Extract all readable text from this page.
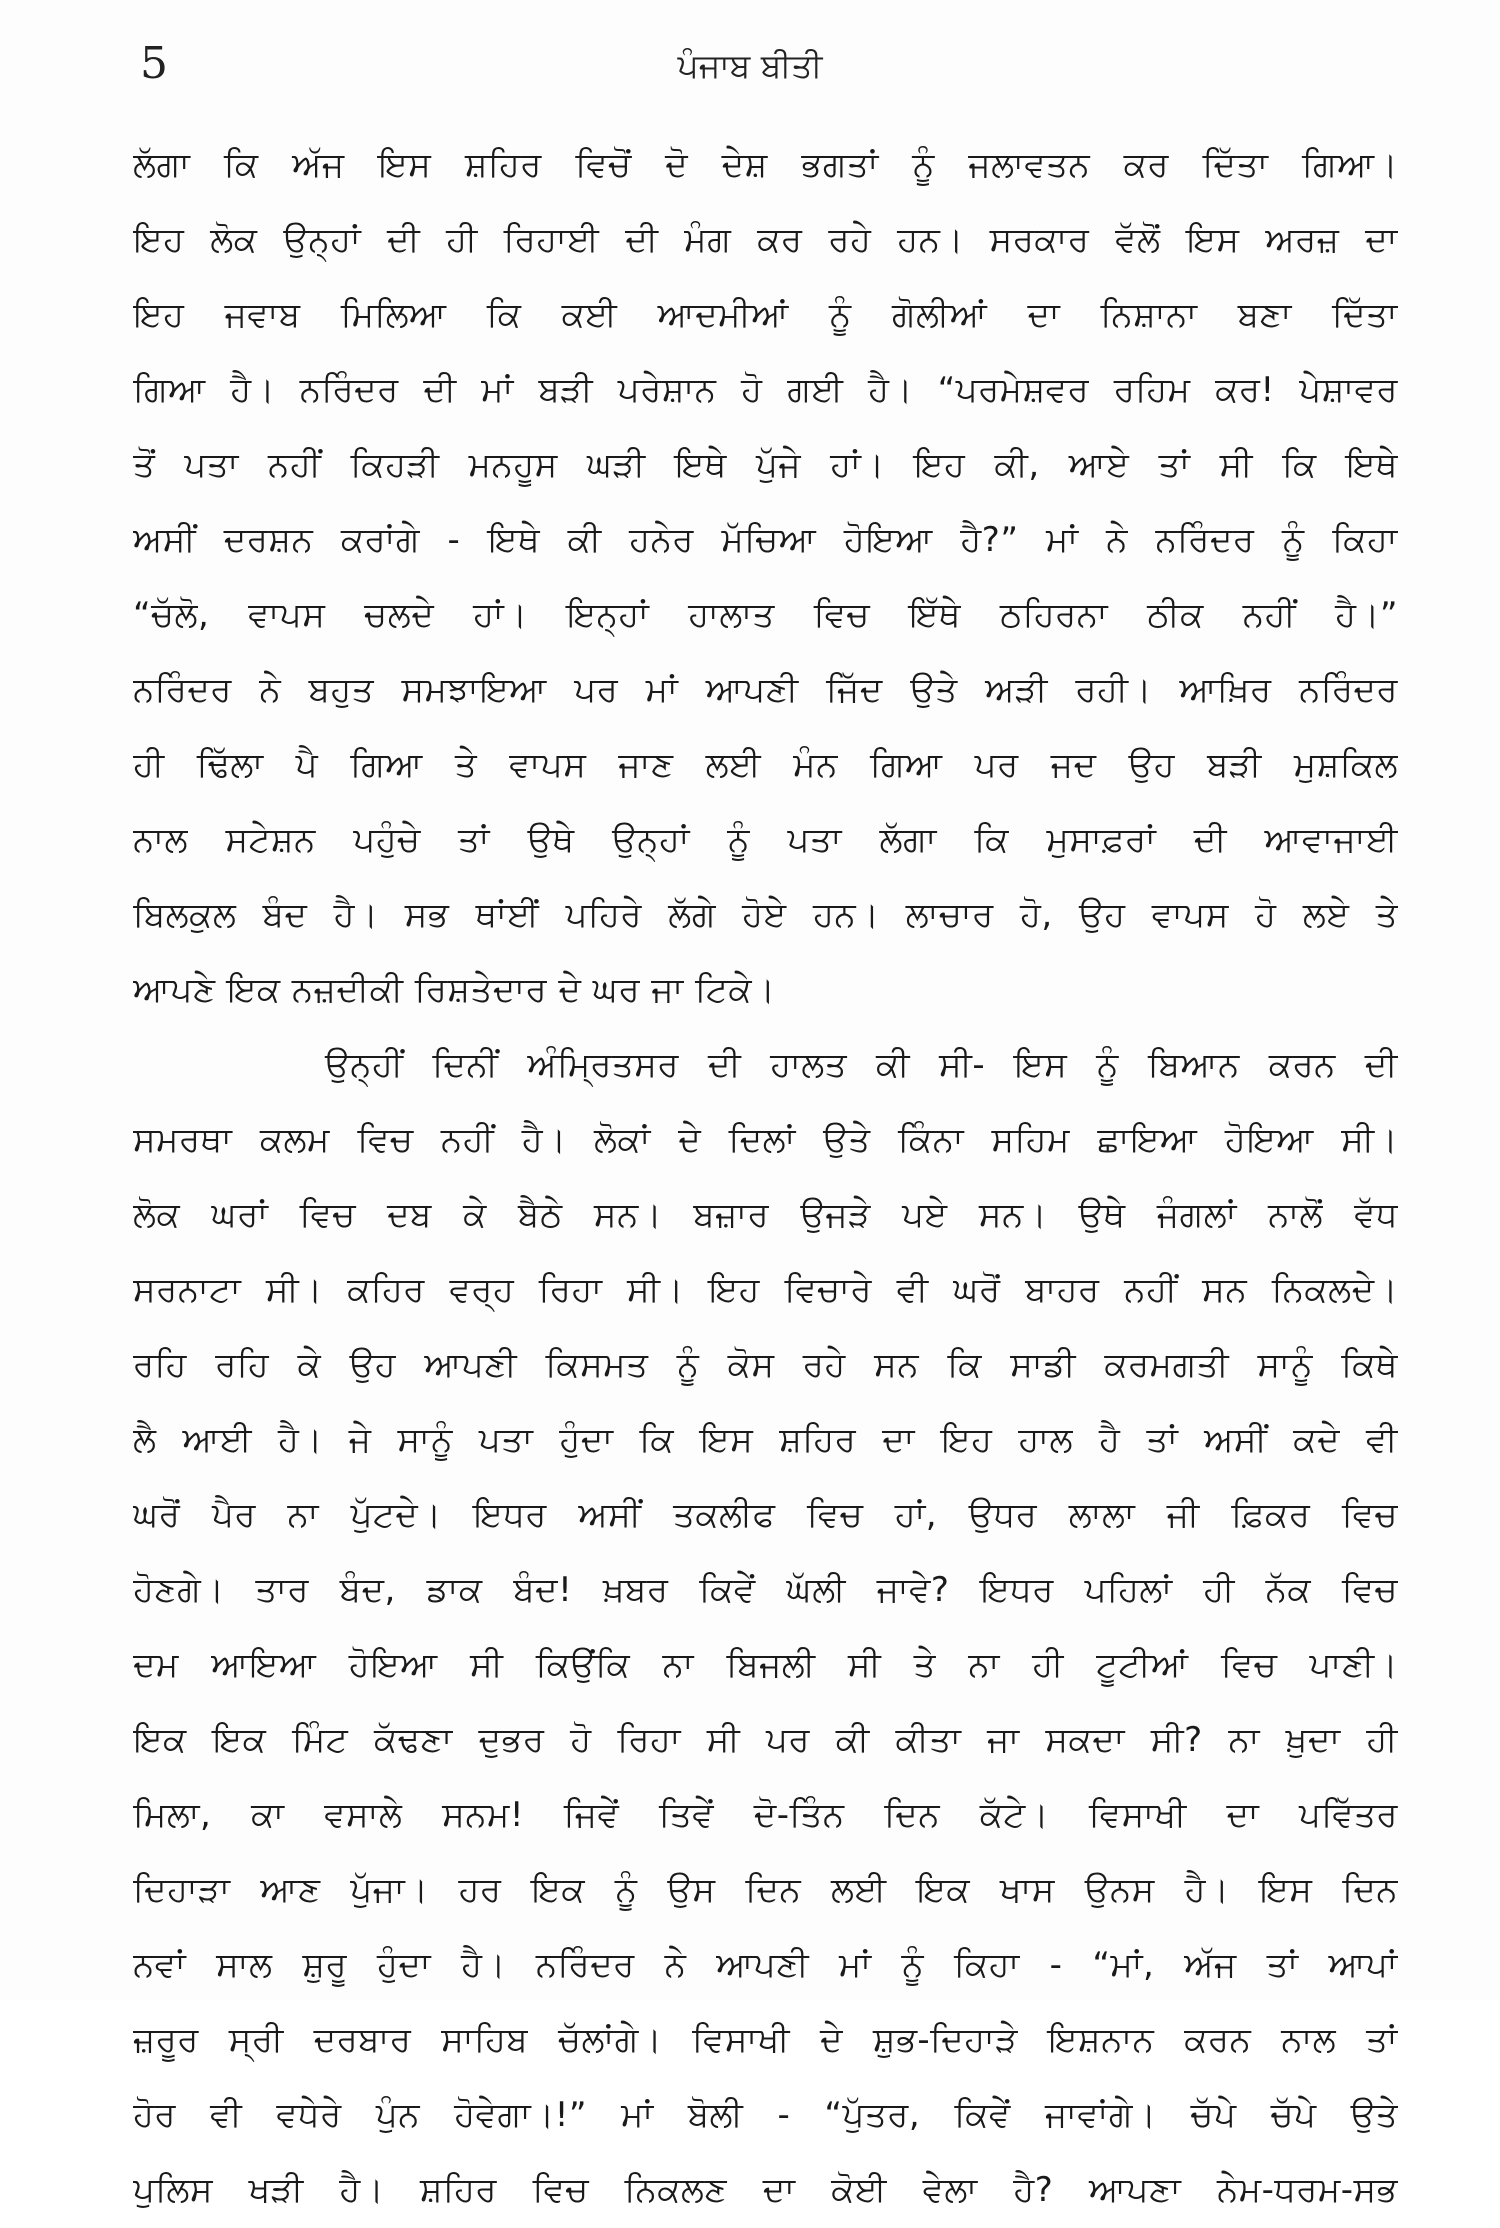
5	ਪੰਜਾਬ ਬੀਤੀ
ਲੱਗਾ ਕਿ ਅੱਜ ਇਸ ਸ਼ਹਿਰ ਵਿਚੋਂ ਦੋ ਦੇਸ਼ ਭਗਤਾਂ ਨੂੰ ਜਲਾਵਤਨ ਕਰ ਦਿੱਤਾ ਗਿਆ।
ਇਹ ਲੋਕ ਉਨ੍ਹਾਂ ਦੀ ਹੀ ਰਿਹਾਈ ਦੀ ਮੰਗ ਕਰ ਰਹੇ ਹਨ। ਸਰਕਾਰ ਵੱਲੋਂ ਇਸ ਅਰਜ਼ ਦਾ
ਇਹ ਜਵਾਬ ਮਿਲਿਆ ਕਿ ਕਈ ਆਦਮੀਆਂ ਨੂੰ ਗੋਲੀਆਂ ਦਾ ਨਿਸ਼ਾਨਾ ਬਣਾ ਦਿੱਤਾ
ਗਿਆ ਹੈ। ਨਰਿੰਦਰ ਦੀ ਮਾਂ ਬੜੀ ਪਰੇਸ਼ਾਨ ਹੋ ਗਈ ਹੈ। “ਪਰਮੇਸ਼ਵਰ ਰਹਿਮ ਕਰ! ਪੇਸ਼ਾਵਰ
ਤੋਂ ਪਤਾ ਨਹੀਂ ਕਿਹੜੀ ਮਨਹੂਸ ਘੜੀ ਇਥੇ ਪੁੱਜੇ ਹਾਂ। ਇਹ ਕੀ, ਆਏ ਤਾਂ ਸੀ ਕਿ ਇਥੇ
ਅਸੀਂ ਦਰਸ਼ਨ ਕਰਾਂਗੇ - ਇਥੇ ਕੀ ਹਨੇਰ ਮੱਚਿਆ ਹੋਇਆ ਹੈ?” ਮਾਂ ਨੇ ਨਰਿੰਦਰ ਨੂੰ ਕਿਹਾ
“ਚੱਲੋ, ਵਾਪਸ ਚਲਦੇ ਹਾਂ। ਇਨ੍ਹਾਂ ਹਾਲਾਤ ਵਿਚ ਇੱਥੇ ਠਹਿਰਨਾ ਠੀਕ ਨਹੀਂ ਹੈ।”
ਨਰਿੰਦਰ ਨੇ ਬਹੁਤ ਸਮਝਾਇਆ ਪਰ ਮਾਂ ਆਪਣੀ ਜਿੱਦ ਉਤੇ ਅੜੀ ਰਹੀ। ਆਖ਼ਿਰ ਨਰਿੰਦਰ
ਹੀ ਢਿੱਲਾ ਪੈ ਗਿਆ ਤੇ ਵਾਪਸ ਜਾਣ ਲਈ ਮੰਨ ਗਿਆ ਪਰ ਜਦ ਉਹ ਬੜੀ ਮੁਸ਼ਕਿਲ
ਨਾਲ ਸਟੇਸ਼ਨ ਪਹੁੰਚੇ ਤਾਂ ਉਥੇ ਉਨ੍ਹਾਂ ਨੂੰ ਪਤਾ ਲੱਗਾ ਕਿ ਮੁਸਾਫ਼ਰਾਂ ਦੀ ਆਵਾਜਾਈ
ਬਿਲਕੁਲ ਬੰਦ ਹੈ। ਸਭ ਥਾਂਈਂ ਪਹਿਰੇ ਲੱਗੇ ਹੋਏ ਹਨ। ਲਾਚਾਰ ਹੋ, ਉਹ ਵਾਪਸ ਹੋ ਲਏ ਤੇ
ਆਪਣੇ ਇਕ ਨਜ਼ਦੀਕੀ ਰਿਸ਼ਤੇਦਾਰ ਦੇ ਘਰ ਜਾ ਟਿਕੇ।
ਉਨ੍ਹੀਂ ਦਿਨੀਂ ਅੰਮ੍ਰਿਤਸਰ ਦੀ ਹਾਲਤ ਕੀ ਸੀ- ਇਸ ਨੂੰ ਬਿਆਨ ਕਰਨ ਦੀ
ਸਮਰਥਾ ਕਲਮ ਵਿਚ ਨਹੀਂ ਹੈ। ਲੋਕਾਂ ਦੇ ਦਿਲਾਂ ਉਤੇ ਕਿੰਨਾ ਸਹਿਮ ਛਾਇਆ ਹੋਇਆ ਸੀ।
ਲੋਕ ਘਰਾਂ ਵਿਚ ਦਬ ਕੇ ਬੈਠੇ ਸਨ। ਬਜ਼ਾਰ ਉਜੜੇ ਪਏ ਸਨ। ਉਥੇ ਜੰਗਲਾਂ ਨਾਲੋਂ ਵੱਧ
ਸਰਨਾਟਾ ਸੀ। ਕਹਿਰ ਵਰ੍ਹ ਰਿਹਾ ਸੀ। ਇਹ ਵਿਚਾਰੇ ਵੀ ਘਰੋਂ ਬਾਹਰ ਨਹੀਂ ਸਨ ਨਿਕਲਦੇ।
ਰਹਿ ਰਹਿ ਕੇ ਉਹ ਆਪਣੀ ਕਿਸਮਤ ਨੂੰ ਕੋਸ ਰਹੇ ਸਨ ਕਿ ਸਾਡੀ ਕਰਮਗਤੀ ਸਾਨੂੰ ਕਿਥੇ
ਲੈ ਆਈ ਹੈ। ਜੇ ਸਾਨੂੰ ਪਤਾ ਹੁੰਦਾ ਕਿ ਇਸ ਸ਼ਹਿਰ ਦਾ ਇਹ ਹਾਲ ਹੈ ਤਾਂ ਅਸੀਂ ਕਦੇ ਵੀ
ਘਰੋਂ ਪੈਰ ਨਾ ਪੁੱਟਦੇ। ਇਧਰ ਅਸੀਂ ਤਕਲੀਫ ਵਿਚ ਹਾਂ, ਉਧਰ ਲਾਲਾ ਜੀ ਫ਼ਿਕਰ ਵਿਚ
ਹੋਣਗੇ। ਤਾਰ ਬੰਦ, ਡਾਕ ਬੰਦ! ਖ਼ਬਰ ਕਿਵੇਂ ਘੱਲੀ ਜਾਵੇ? ਇਧਰ ਪਹਿਲਾਂ ਹੀ ਨੱਕ ਵਿਚ
ਦਮ ਆਇਆ ਹੋਇਆ ਸੀ ਕਿਉਂਕਿ ਨਾ ਬਿਜਲੀ ਸੀ ਤੇ ਨਾ ਹੀ ਟੂਟੀਆਂ ਵਿਚ ਪਾਣੀ।
ਇਕ ਇਕ ਮਿੰਟ ਕੱਢਣਾ ਦੁਭਰ ਹੋ ਰਿਹਾ ਸੀ ਪਰ ਕੀ ਕੀਤਾ ਜਾ ਸਕਦਾ ਸੀ? ਨਾ ਖ਼ੁਦਾ ਹੀ
ਮਿਲਾ, ਕਾ ਵਸਾਲੇ ਸਨਮ! ਜਿਵੇਂ ਤਿਵੇਂ ਦੋ-ਤਿੰਨ ਦਿਨ ਕੱਟੇ। ਵਿਸਾਖੀ ਦਾ ਪਵਿੱਤਰ
ਦਿਹਾੜਾ ਆਣ ਪੁੱਜਾ। ਹਰ ਇਕ ਨੂੰ ਉਸ ਦਿਨ ਲਈ ਇਕ ਖਾਸ ਉਨਸ ਹੈ। ਇਸ ਦਿਨ
ਨਵਾਂ ਸਾਲ ਸ਼ੁਰੂ ਹੁੰਦਾ ਹੈ। ਨਰਿੰਦਰ ਨੇ ਆਪਣੀ ਮਾਂ ਨੂੰ ਕਿਹਾ - “ਮਾਂ, ਅੱਜ ਤਾਂ ਆਪਾਂ
ਜ਼ਰੂਰ ਸ੍ਰੀ ਦਰਬਾਰ ਸਾਹਿਬ ਚੱਲਾਂਗੇ। ਵਿਸਾਖੀ ਦੇ ਸ਼ੁਭ-ਦਿਹਾੜੇ ਇਸ਼ਨਾਨ ਕਰਨ ਨਾਲ ਤਾਂ
ਹੋਰ ਵੀ ਵਧੇਰੇ ਪੁੰਨ ਹੋਵੇਗਾ।!” ਮਾਂ ਬੋਲੀ - “ਪੁੱਤਰ, ਕਿਵੇਂ ਜਾਵਾਂਗੇ। ਚੱਪੇ ਚੱਪੇ ਉਤੇ
ਪੁਲਿਸ ਖੜੀ ਹੈ। ਸ਼ਹਿਰ ਵਿਚ ਨਿਕਲਣ ਦਾ ਕੋਈ ਵੇਲਾ ਹੈ? ਆਪਣਾ ਨੇਮ-ਧਰਮ-ਸਭ
